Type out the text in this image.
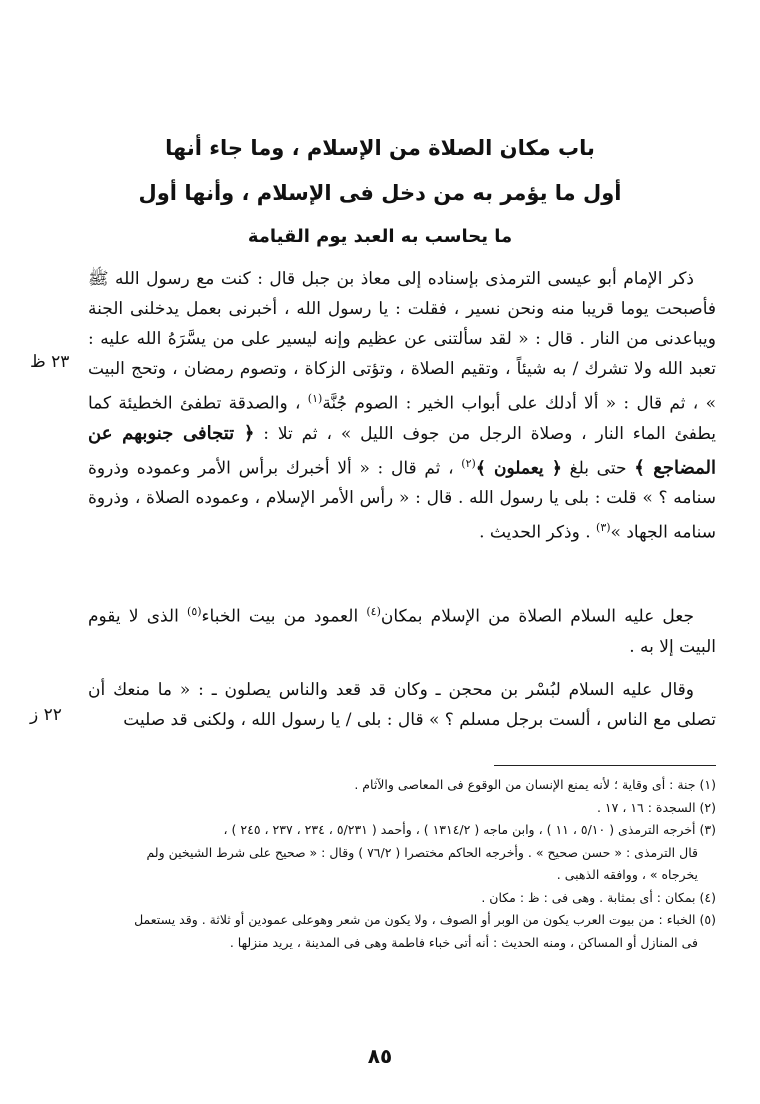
باب مكان الصلاة من الإسلام ، وما جاء أنها
أول ما يؤمر به من دخل فى الإسلام ، وأنها أول
ما يحاسب به العبد يوم القيامة
ذكر الإمام أبو عيسى الترمذى بإسناده إلى معاذ بن جبل قال : كنت مع رسول الله ﷺ فأصبحت يوما قريبا منه ونحن نسير ، فقلت : يا رسول الله ، أخبرنى بعمل يدخلنى الجنة ويباعدنى من النار . قال : « لقد سألتنى عن عظيم وإنه ليسير على من يسَّرَهُ الله عليه : تعبد الله ولا تشرك / به شيئاً ، وتقيم الصلاة ، وتؤتى الزكاة ، وتصوم رمضان ، وتحج البيت » ، ثم قال : « ألا أدلك على أبواب الخير : الصوم جُنَّة$^{(١)}$ ، والصدقة تطفئ الخطيئة كما يطفئ الماء النار ، وصلاة الرجل من جوف الليل » ، ثم تلا : ﴿ تتجافى جنوبهم عن المضاجع ﴾ حتى بلغ ﴿ يعملون ﴾$^{(٢)}$ ، ثم قال : « ألا أخبرك برأس الأمر وعموده وذروة سنامه ؟ » قلت : بلى يا رسول الله . قال : « رأس الأمر الإسلام ، وعموده الصلاة ، وذروة سنامه الجهاد »$^{(٣)}$ . وذكر الحديث .
٢٣ ظ
جعل عليه السلام الصلاة من الإسلام بمكان$^{(٤)}$ العمود من بيت الخباء$^{(٥)}$ الذى لا يقوم البيت إلا به .
وقال عليه السلام لبُسْر بن محجن ـ وكان قد قعد والناس يصلون ـ : « ما منعك أن تصلى مع الناس ، ألست برجل مسلم ؟ » قال : بلى / يا رسول الله ، ولكنى قد صليت
٢٢ ز
(١) جنة : أى وقاية ؛ لأنه يمنع الإنسان من الوقوع فى المعاصى والآثام .
(٢) السجدة : ١٦ ، ١٧ .
(٣) أخرجه الترمذى ( ٥/١٠ ، ١١ ) ، وابن ماجه ( ١٣١٤/٢ ) ، وأحمد ( ٥/٢٣١ ، ٢٣٤ ، ٢٣٧ ، ٢٤٥ ) ،
قال الترمذى : « حسن صحيح » . وأخرجه الحاكم مختصرا ( ٧٦/٢ ) وقال : « صحيح على شرط الشيخين ولم
يخرجاه » ، ووافقه الذهبى .
(٤) بمكان : أى بمثابة . وهى فى : ظ : مكان .
(٥) الخباء : من بيوت العرب يكون من الوبر أو الصوف ، ولا يكون من شعر وهوعلى عمودين أو ثلاثة . وقد يستعمل
فى المنازل أو المساكن ، ومنه الحديث : أنه أتى خباء فاطمة وهى فى المدينة ، يريد منزلها .
٨٥
